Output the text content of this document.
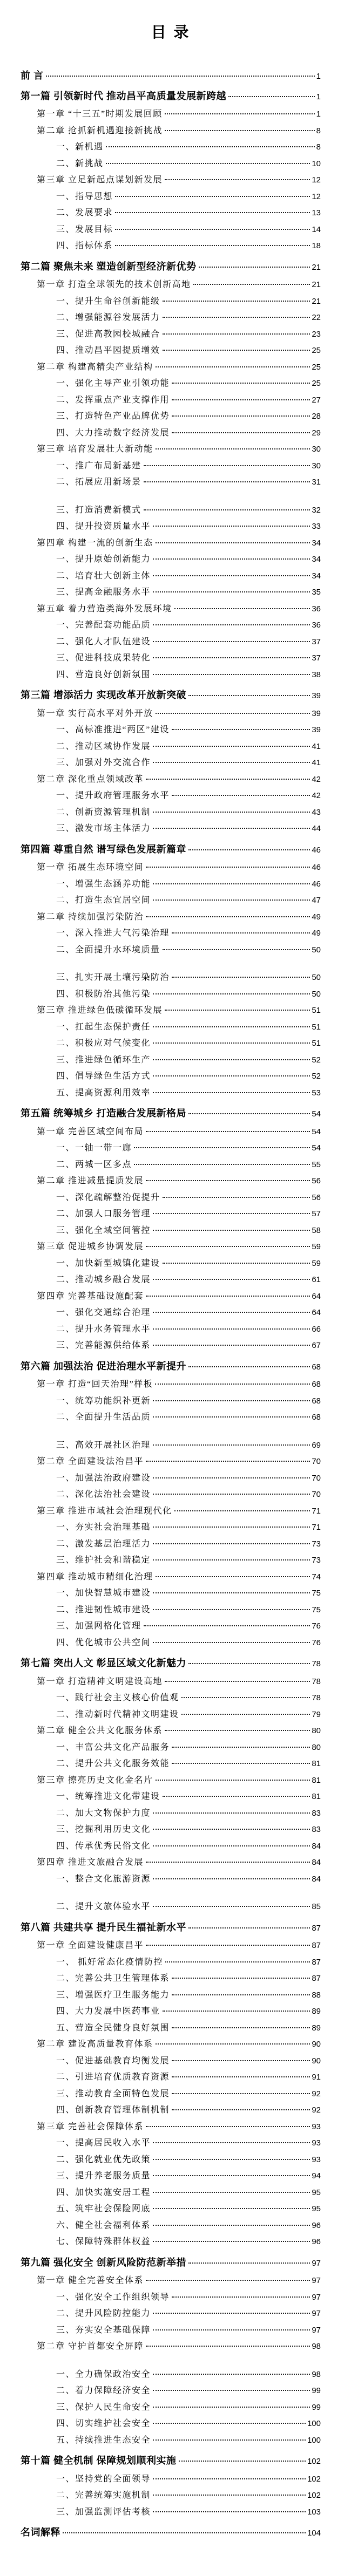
目 录
前 言	1
第一篇 引领新时代 推动昌平高质量发展新跨越	1
第一章 “十三五”时期发展回顾	1
第二章 抢抓新机遇迎接新挑战	8
一、新机遇	8
二、新挑战	10
第三章 立足新起点谋划新发展	12
一、指导思想	12
二、发展要求	13
三、发展目标	14
四、指标体系	18
第二篇 聚焦未来 塑造创新型经济新优势	21
第一章 打造全球领先的技术创新高地	21
一、提升生命谷创新能级	21
二、增强能源谷发展活力	22
三、促进高教园校城融合	23
四、推动昌平园提质增效	25
第二章 构建高精尖产业结构	25
一、强化主导产业引领功能	25
二、发挥重点产业支撑作用	27
三、打造特色产业品牌优势	28
四、大力推动数字经济发展	29
第三章 培育发展壮大新动能	30
一、推广布局新基建	30
二、拓展应用新场景	31
三、打造消费新模式	32
四、提升投资质量水平	33
第四章 构建一流的创新生态	34
一、提升原始创新能力	34
二、培育壮大创新主体	34
三、提高金融服务水平	35
第五章 着力营造类海外发展环境	36
一、完善配套功能品质	36
二、强化人才队伍建设	37
三、促进科技成果转化	37
四、营造良好创新氛围	38
第三篇 增添活力 实现改革开放新突破	39
第一章 实行高水平对外开放	39
一、高标准推进“两区”建设	39
二、推动区域协作发展	41
三、加强对外交流合作	41
第二章 深化重点领域改革	42
一、提升政府管理服务水平	42
二、创新资源管理机制	43
三、激发市场主体活力	44
第四篇 尊重自然 谱写绿色发展新篇章	46
第一章 拓展生态环境空间	46
一、增强生态涵养功能	46
二、打造生态宜居空间	47
第二章 持续加强污染防治	49
一、深入推进大气污染治理	49
二、全面提升水环境质量	50
三、扎实开展土壤污染防治	50
四、积极防治其他污染	50
第三章 推进绿色低碳循环发展	51
一、扛起生态保护责任	51
二、积极应对气候变化	51
三、推进绿色循环生产	52
四、倡导绿色生活方式	52
五、提高资源利用效率	53
第五篇 统筹城乡 打造融合发展新格局	54
第一章 完善区域空间布局	54
一、一轴一带一廊	54
二、两城一区多点	55
第二章 推进减量提质发展	56
一、深化疏解整治促提升	56
二、加强人口服务管理	57
三、强化全域空间管控	58
第三章 促进城乡协调发展	59
一、加快新型城镇化建设	59
二、推动城乡融合发展	61
第四章 完善基础设施配套	64
一、强化交通综合治理	64
二、提升水务管理水平	66
三、完善能源供给体系	67
第六篇 加强法治 促进治理水平新提升	68
第一章 打造“回天治理”样板	68
一、统筹功能织补更新	68
二、全面提升生活品质	68
三、高效开展社区治理	69
第二章 全面建设法治昌平	70
一、加强法治政府建设	70
二、深化法治社会建设	70
第三章 推进市域社会治理现代化	71
一、夯实社会治理基础	71
二、激发基层治理活力	73
三、维护社会和谐稳定	73
第四章 推动城市精细化治理	74
一、加快智慧城市建设	75
二、推进韧性城市建设	75
三、加强网格化管理	76
四、优化城市公共空间	76
第七篇 突出人文 彰显区域文化新魅力	78
第一章 打造精神文明建设高地	78
一、践行社会主义核心价值观	78
二、推动新时代精神文明建设	79
第二章 健全公共文化服务体系	80
一、丰富公共文化产品服务	80
二、提升公共文化服务效能	81
第三章 擦亮历史文化金名片	81
一、统筹推进文化带建设	81
二、加大文物保护力度	83
三、挖掘利用历史文化	83
四、传承优秀民俗文化	84
第四章 推进文旅融合发展	84
一、整合文化旅游资源	84
二、提升文旅体验水平	85
第八篇 共建共享 提升民生福祉新水平	87
第一章 全面建设健康昌平	87
一、 抓好常态化疫情防控	87
二、完善公共卫生管理体系	87
三、增强医疗卫生服务能力	88
四、大力发展中医药事业	89
五、营造全民健身良好氛围	89
第二章 建设高质量教育体系	90
一、促进基础教育均衡发展	90
二、引进培育优质教育资源	91
三、推动教育全面特色发展	92
四、创新教育管理体制机制	92
第三章 完善社会保障体系	93
一、提高居民收入水平	93
二、强化就业优先政策	93
三、提升养老服务质量	94
四、加快实施安居工程	95
五、筑牢社会保险网底	95
六、健全社会福利体系	96
七、保障特殊群体权益	96
第九篇 强化安全 创新风险防范新举措	97
第一章 健全完善安全体系	97
一、强化安全工作组织领导	97
二、提升风险防控能力	97
三、夯实安全基础保障	97
第二章 守护首都安全屏障	98
一、全力确保政治安全	98
二、着力保障经济安全	99
三、保护人民生命安全	99
四、切实维护社会安全	100
五、持续推进生态安全	100
第十篇 健全机制 保障规划顺利实施	102
一、坚持党的全面领导	102
二、完善统筹实施机制	102
三、加强监测评估考核	103
名词解释	104
